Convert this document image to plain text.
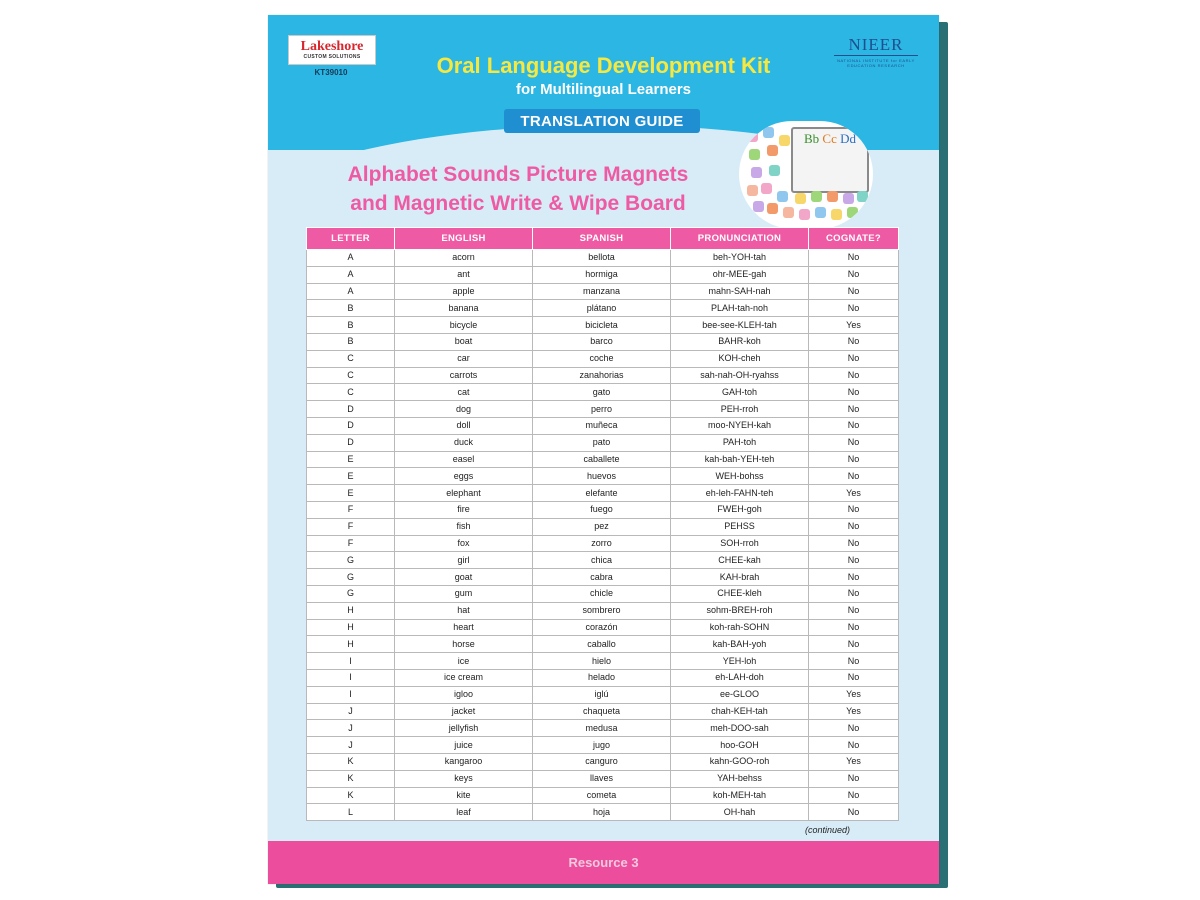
Lakeshore
CUSTOM SOLUTIONS
KT39010
NIEER
NATIONAL INSTITUTE for EARLY EDUCATION RESEARCH
Oral Language Development Kit
for Multilingual Learners
TRANSLATION GUIDE
Alphabet Sounds Picture Magnets
and Magnetic Write & Wipe Board
Bb Cc Dd
LETTER	ENGLISH	SPANISH	PRONUNCIATION	COGNATE?
A	acorn	bellota	beh-YOH-tah	No
A	ant	hormiga	ohr-MEE-gah	No
A	apple	manzana	mahn-SAH-nah	No
B	banana	plátano	PLAH-tah-noh	No
B	bicycle	bicicleta	bee-see-KLEH-tah	Yes
B	boat	barco	BAHR-koh	No
C	car	coche	KOH-cheh	No
C	carrots	zanahorias	sah-nah-OH-ryahss	No
C	cat	gato	GAH-toh	No
D	dog	perro	PEH-rroh	No
D	doll	muñeca	moo-NYEH-kah	No
D	duck	pato	PAH-toh	No
E	easel	caballete	kah-bah-YEH-teh	No
E	eggs	huevos	WEH-bohss	No
E	elephant	elefante	eh-leh-FAHN-teh	Yes
F	fire	fuego	FWEH-goh	No
F	fish	pez	PEHSS	No
F	fox	zorro	SOH-rroh	No
G	girl	chica	CHEE-kah	No
G	goat	cabra	KAH-brah	No
G	gum	chicle	CHEE-kleh	No
H	hat	sombrero	sohm-BREH-roh	No
H	heart	corazón	koh-rah-SOHN	No
H	horse	caballo	kah-BAH-yoh	No
I	ice	hielo	YEH-loh	No
I	ice cream	helado	eh-LAH-doh	No
I	igloo	iglú	ee-GLOO	Yes
J	jacket	chaqueta	chah-KEH-tah	Yes
J	jellyfish	medusa	meh-DOO-sah	No
J	juice	jugo	hoo-GOH	No
K	kangaroo	canguro	kahn-GOO-roh	Yes
K	keys	llaves	YAH-behss	No
K	kite	cometa	koh-MEH-tah	No
L	leaf	hoja	OH-hah	No
(continued)
Resource 3
